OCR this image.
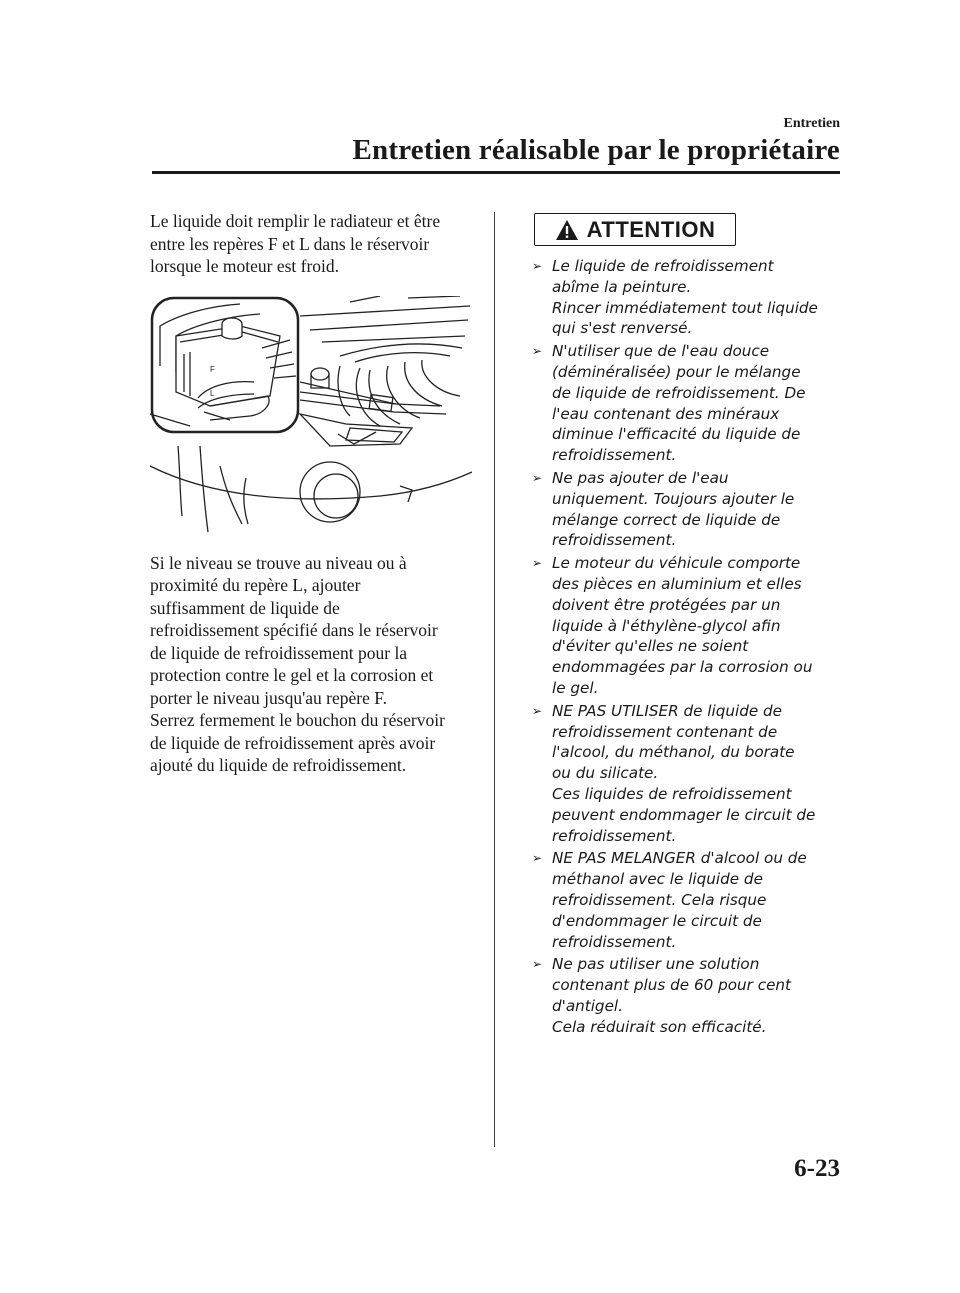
Entretien
Entretien réalisable par le propriétaire

Le liquide doit remplir le radiateur et être
entre les repères F et L dans le réservoir
lorsque le moteur est froid.

F
L

Si le niveau se trouve au niveau ou à
proximité du repère L, ajouter
suffisamment de liquide de
refroidissement spécifié dans le réservoir
de liquide de refroidissement pour la
protection contre le gel et la corrosion et
porter le niveau jusqu'au repère F.
Serrez fermement le bouchon du réservoir
de liquide de refroidissement après avoir
ajouté du liquide de refroidissement.

ATTENTION
➢ Le liquide de refroidissement
abîme la peinture.
Rincer immédiatement tout liquide
qui s'est renversé.
➢ N'utiliser que de l'eau douce
(déminéralisée) pour le mélange
de liquide de refroidissement. De
l'eau contenant des minéraux
diminue l'efficacité du liquide de
refroidissement.
➢ Ne pas ajouter de l'eau
uniquement. Toujours ajouter le
mélange correct de liquide de
refroidissement.
➢ Le moteur du véhicule comporte
des pièces en aluminium et elles
doivent être protégées par un
liquide à l'éthylène-glycol afin
d'éviter qu'elles ne soient
endommagées par la corrosion ou
le gel.
➢ NE PAS UTILISER de liquide de
refroidissement contenant de
l'alcool, du méthanol, du borate
ou du silicate.
Ces liquides de refroidissement
peuvent endommager le circuit de
refroidissement.
➢ NE PAS MELANGER d'alcool ou de
méthanol avec le liquide de
refroidissement. Cela risque
d'endommager le circuit de
refroidissement.
➢ Ne pas utiliser une solution
contenant plus de 60 pour cent
d'antigel.
Cela réduirait son efficacité.
6-23
